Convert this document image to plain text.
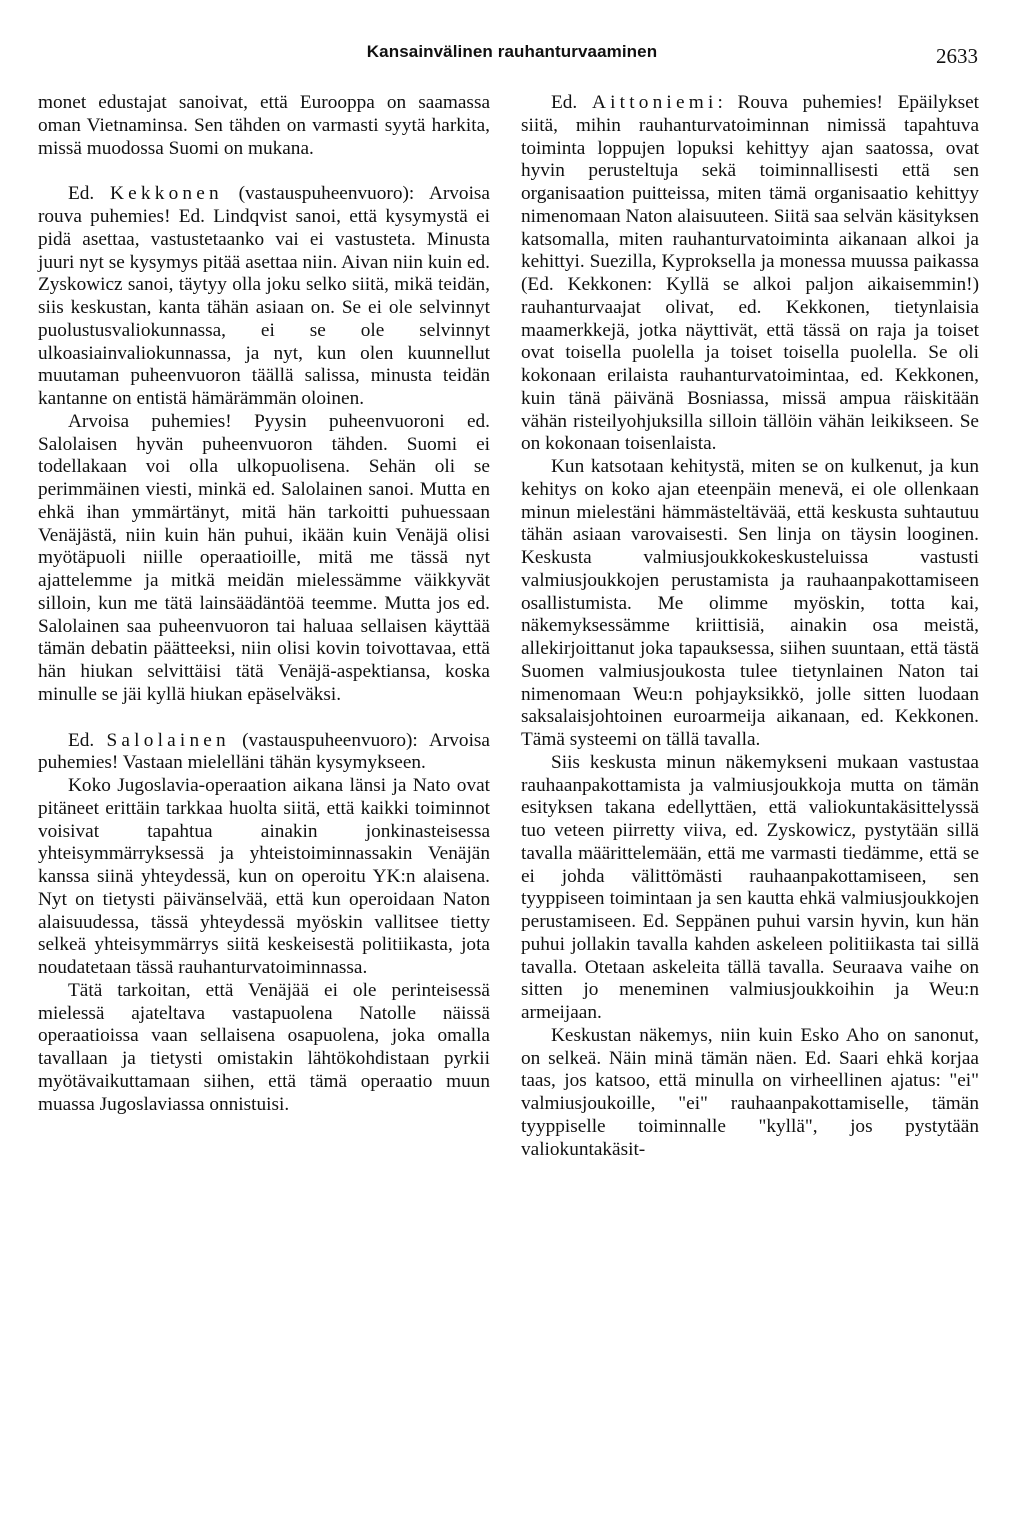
Kansainvälinen rauhanturvaaminen	2633

monet edustajat sanoivat, että Eurooppa on saamassa oman Vietnaminsa. Sen tähden on varmasti syytä harkita, missä muodossa Suomi on mukana.

Ed. Kekkonen (vastauspuheenvuoro): Arvoisa rouva puhemies! Ed. Lindqvist sanoi, että kysymystä ei pidä asettaa, vastustetaanko vai ei vastusteta. Minusta juuri nyt se kysymys pitää asettaa niin. Aivan niin kuin ed. Zyskowicz sanoi, täytyy olla joku selko siitä, mikä teidän, siis keskustan, kanta tähän asiaan on. Se ei ole selvinnyt puolustusvaliokunnassa, ei se ole selvinnyt ulkoasiainvaliokunnassa, ja nyt, kun olen kuunnellut muutaman puheenvuoron täällä salissa, minusta teidän kantanne on entistä hämärämmän oloinen.

Arvoisa puhemies! Pyysin puheenvuoroni ed. Salolaisen hyvän puheenvuoron tähden. Suomi ei todellakaan voi olla ulkopuolisena. Sehän oli se perimmäinen viesti, minkä ed. Salolainen sanoi. Mutta en ehkä ihan ymmärtänyt, mitä hän tarkoitti puhuessaan Venäjästä, niin kuin hän puhui, ikään kuin Venäjä olisi myötäpuoli niille operaatioille, mitä me tässä nyt ajattelemme ja mitkä meidän mielessämme väikkyvät silloin, kun me tätä lainsäädäntöä teemme. Mutta jos ed. Salolainen saa puheenvuoron tai haluaa sellaisen käyttää tämän debatin päätteeksi, niin olisi kovin toivottavaa, että hän hiukan selvittäisi tätä Venäjä-aspektiansa, koska minulle se jäi kyllä hiukan epäselväksi.

Ed. Salolainen (vastauspuheenvuoro): Arvoisa puhemies! Vastaan mielelläni tähän kysymykseen.

Koko Jugoslavia-operaation aikana länsi ja Nato ovat pitäneet erittäin tarkkaa huolta siitä, että kaikki toiminnot voisivat tapahtua ainakin jonkinasteisessa yhteisymmärryksessä ja yhteistoiminnassakin Venäjän kanssa siinä yhteydessä, kun on operoitu YK:n alaisena. Nyt on tietysti päivänselvää, että kun operoidaan Naton alaisuudessa, tässä yhteydessä myöskin vallitsee tietty selkeä yhteisymmärrys siitä keskeisestä politiikasta, jota noudatetaan tässä rauhanturvatoiminnassa.

Tätä tarkoitan, että Venäjää ei ole perinteisessä mielessä ajateltava vastapuolena Natolle näissä operaatioissa vaan sellaisena osapuolena, joka omalla tavallaan ja tietysti omistakin lähtökohdistaan pyrkii myötävaikuttamaan siihen, että tämä operaatio muun muassa Jugoslaviassa onnistuisi.

Ed. Aittoniemi: Rouva puhemies! Epäilykset siitä, mihin rauhanturvatoiminnan nimissä tapahtuva toiminta loppujen lopuksi kehittyy ajan saatossa, ovat hyvin perusteltuja sekä toiminnallisesti että sen organisaation puitteissa, miten tämä organisaatio kehittyy nimenomaan Naton alaisuuteen. Siitä saa selvän käsityksen katsomalla, miten rauhanturvatoiminta aikanaan alkoi ja kehittyi. Suezilla, Kyproksella ja monessa muussa paikassa (Ed. Kekkonen: Kyllä se alkoi paljon aikaisemmin!) rauhanturvaajat olivat, ed. Kekkonen, tietynlaisia maamerkkejä, jotka näyttivät, että tässä on raja ja toiset ovat toisella puolella ja toiset toisella puolella. Se oli kokonaan erilaista rauhanturvatoimintaa, ed. Kekkonen, kuin tänä päivänä Bosniassa, missä ampua räiskitään vähän risteilyohjuksilla silloin tällöin vähän leikikseen. Se on kokonaan toisenlaista.

Kun katsotaan kehitystä, miten se on kulkenut, ja kun kehitys on koko ajan eteenpäin menevä, ei ole ollenkaan minun mielestäni hämmästeltävää, että keskusta suhtautuu tähän asiaan varovaisesti. Sen linja on täysin looginen. Keskusta valmiusjoukkokeskusteluissa vastusti valmiusjoukkojen perustamista ja rauhaanpakottamiseen osallistumista. Me olimme myöskin, totta kai, näkemyksessämme kriittisiä, ainakin osa meistä, allekirjoittanut joka tapauksessa, siihen suuntaan, että tästä Suomen valmiusjoukosta tulee tietynlainen Naton tai nimenomaan Weu:n pohjayksikkö, jolle sitten luodaan saksalaisjohtoinen euroarmeija aikanaan, ed. Kekkonen. Tämä systeemi on tällä tavalla.

Siis keskusta minun näkemykseni mukaan vastustaa rauhaanpakottamista ja valmiusjoukkoja mutta on tämän esityksen takana edellyttäen, että valiokuntakäsittelyssä tuo veteen piirretty viiva, ed. Zyskowicz, pystytään sillä tavalla määrittelemään, että me varmasti tiedämme, että se ei johda välittömästi rauhaanpakottamiseen, sen tyyppiseen toimintaan ja sen kautta ehkä valmiusjoukkojen perustamiseen. Ed. Seppänen puhui varsin hyvin, kun hän puhui jollakin tavalla kahden askeleen politiikasta tai sillä tavalla. Otetaan askeleita tällä tavalla. Seuraava vaihe on sitten jo meneminen valmiusjoukkoihin ja Weu:n armeijaan.

Keskustan näkemys, niin kuin Esko Aho on sanonut, on selkeä. Näin minä tämän näen. Ed. Saari ehkä korjaa taas, jos katsoo, että minulla on virheellinen ajatus: "ei" valmiusjoukoille, "ei" rauhaanpakottamiselle, tämän tyyppiselle toiminnalle "kyllä", jos pystytään valiokuntakäsit-
